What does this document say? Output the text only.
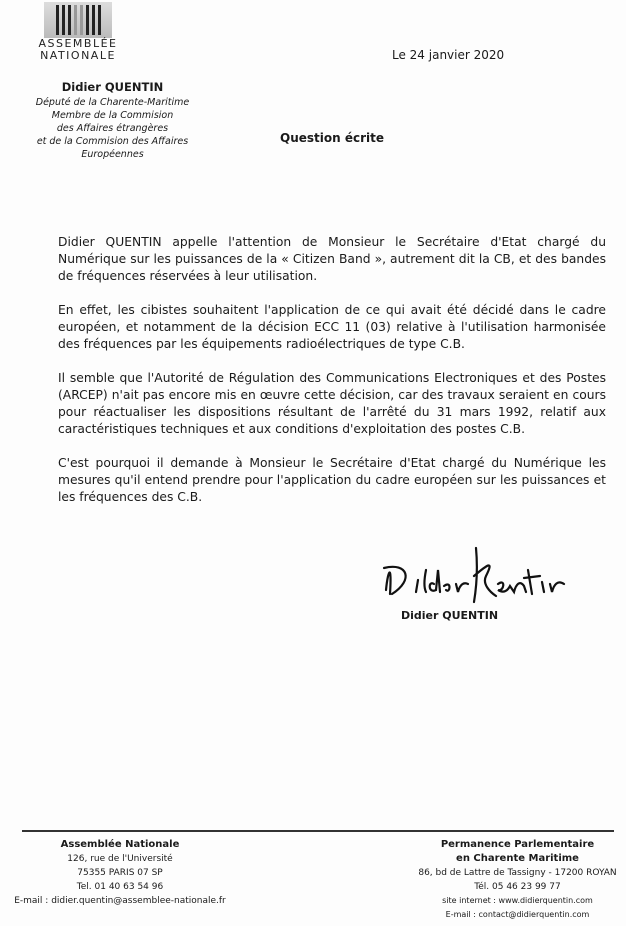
ASSEMBLÉE
NATIONALE
Didier QUENTIN
Député de la Charente-Maritime
Membre de la Commision
des Affaires étrangères
et de la Commision des Affaires
Européennes
Le 24 janvier 2020
Question écrite

Didier QUENTIN appelle l'attention de Monsieur le Secrétaire d'Etat chargé du Numérique sur les puissances de la « Citizen Band », autrement dit la CB, et des bandes de fréquences réservées à leur utilisation.

En effet, les cibistes souhaitent l'application de ce qui avait été décidé dans le cadre européen, et notamment de la décision ECC 11 (03) relative à l'utilisation harmonisée des fréquences par les équipements radioélectriques de type C.B.

Il semble que l'Autorité de Régulation des Communications Electroniques et des Postes (ARCEP) n'ait pas encore mis en œuvre cette décision, car des travaux seraient en cours pour réactualiser les dispositions résultant de l'arrêté du 31 mars 1992, relatif aux caractéristiques techniques et aux conditions d'exploitation des postes C.B.

C'est pourquoi il demande à Monsieur le Secrétaire d'Etat chargé du Numérique les mesures qu'il entend prendre pour l'application du cadre européen sur les puissances et les fréquences des C.B.

Didier QUENTIN
Assemblée Nationale
126, rue de l'Université
75355 PARIS 07 SP
Tel. 01 40 63 54 96
E-mail : didier.quentin@assemblee-nationale.fr
Permanence Parlementaire
en Charente Maritime
86, bd de Lattre de Tassigny - 17200 ROYAN
Tél. 05 46 23 99 77
site internet : www.didierquentin.com
E-mail : contact@didierquentin.com
